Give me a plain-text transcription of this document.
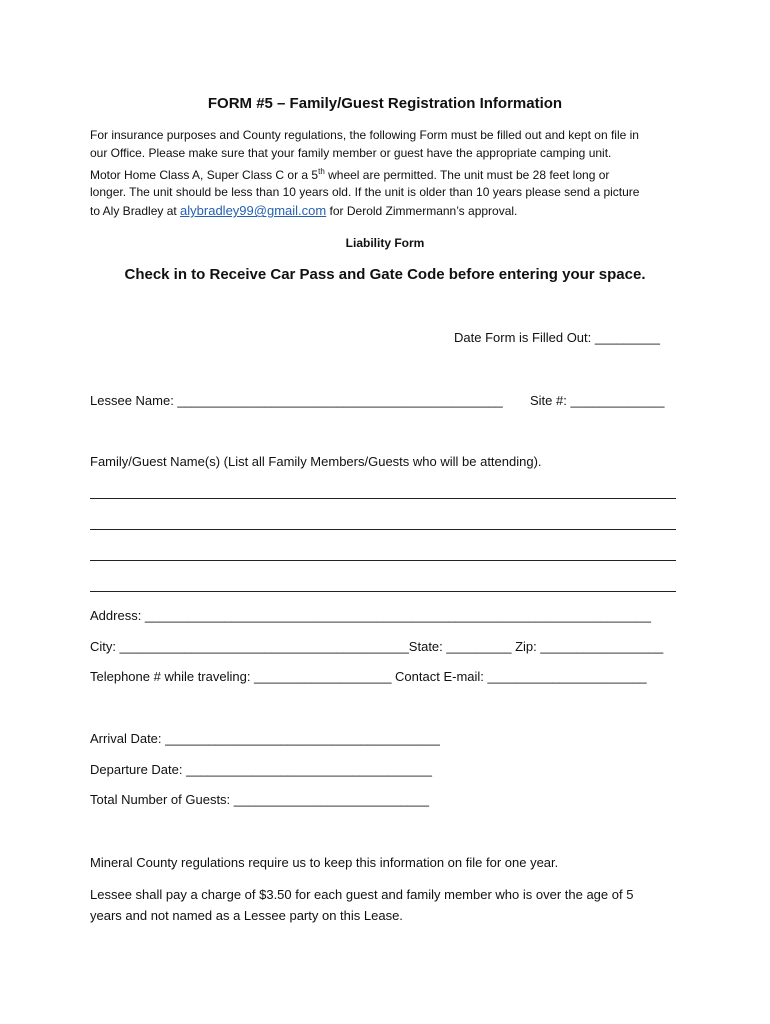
FORM #5 – Family/Guest Registration Information

For insurance purposes and County regulations, the following Form must be filled out and kept on file in

our Office. Please make sure that your family member or guest have the appropriate camping unit.

Motor Home Class A, Super Class C or a 5th wheel are permitted. The unit must be 28 feet long or

longer. The unit should be less than 10 years old. If the unit is older than 10 years please send a picture

to Aly Bradley at alybradley99@gmail.com for Derold Zimmermann’s approval.

Liability Form
Check in to Receive Car Pass and Gate Code before entering your space.
Date Form is Filled Out: _________
Lessee Name: _____________________________________________ Site #: _____________
Family/Guest Name(s) (List all Family Members/Guests who will be attending).
Address: ______________________________________________________________________
City: ________________________________________State: _________ Zip: _________________
Telephone # while traveling: ___________________ Contact E-mail: ______________________
Arrival Date: ______________________________________
Departure Date: __________________________________
Total Number of Guests: ___________________________

Mineral County regulations require us to keep this information on file for one year.

Lessee shall pay a charge of $3.50 for each guest and family member who is over the age of 5

years and not named as a Lessee party on this Lease.
